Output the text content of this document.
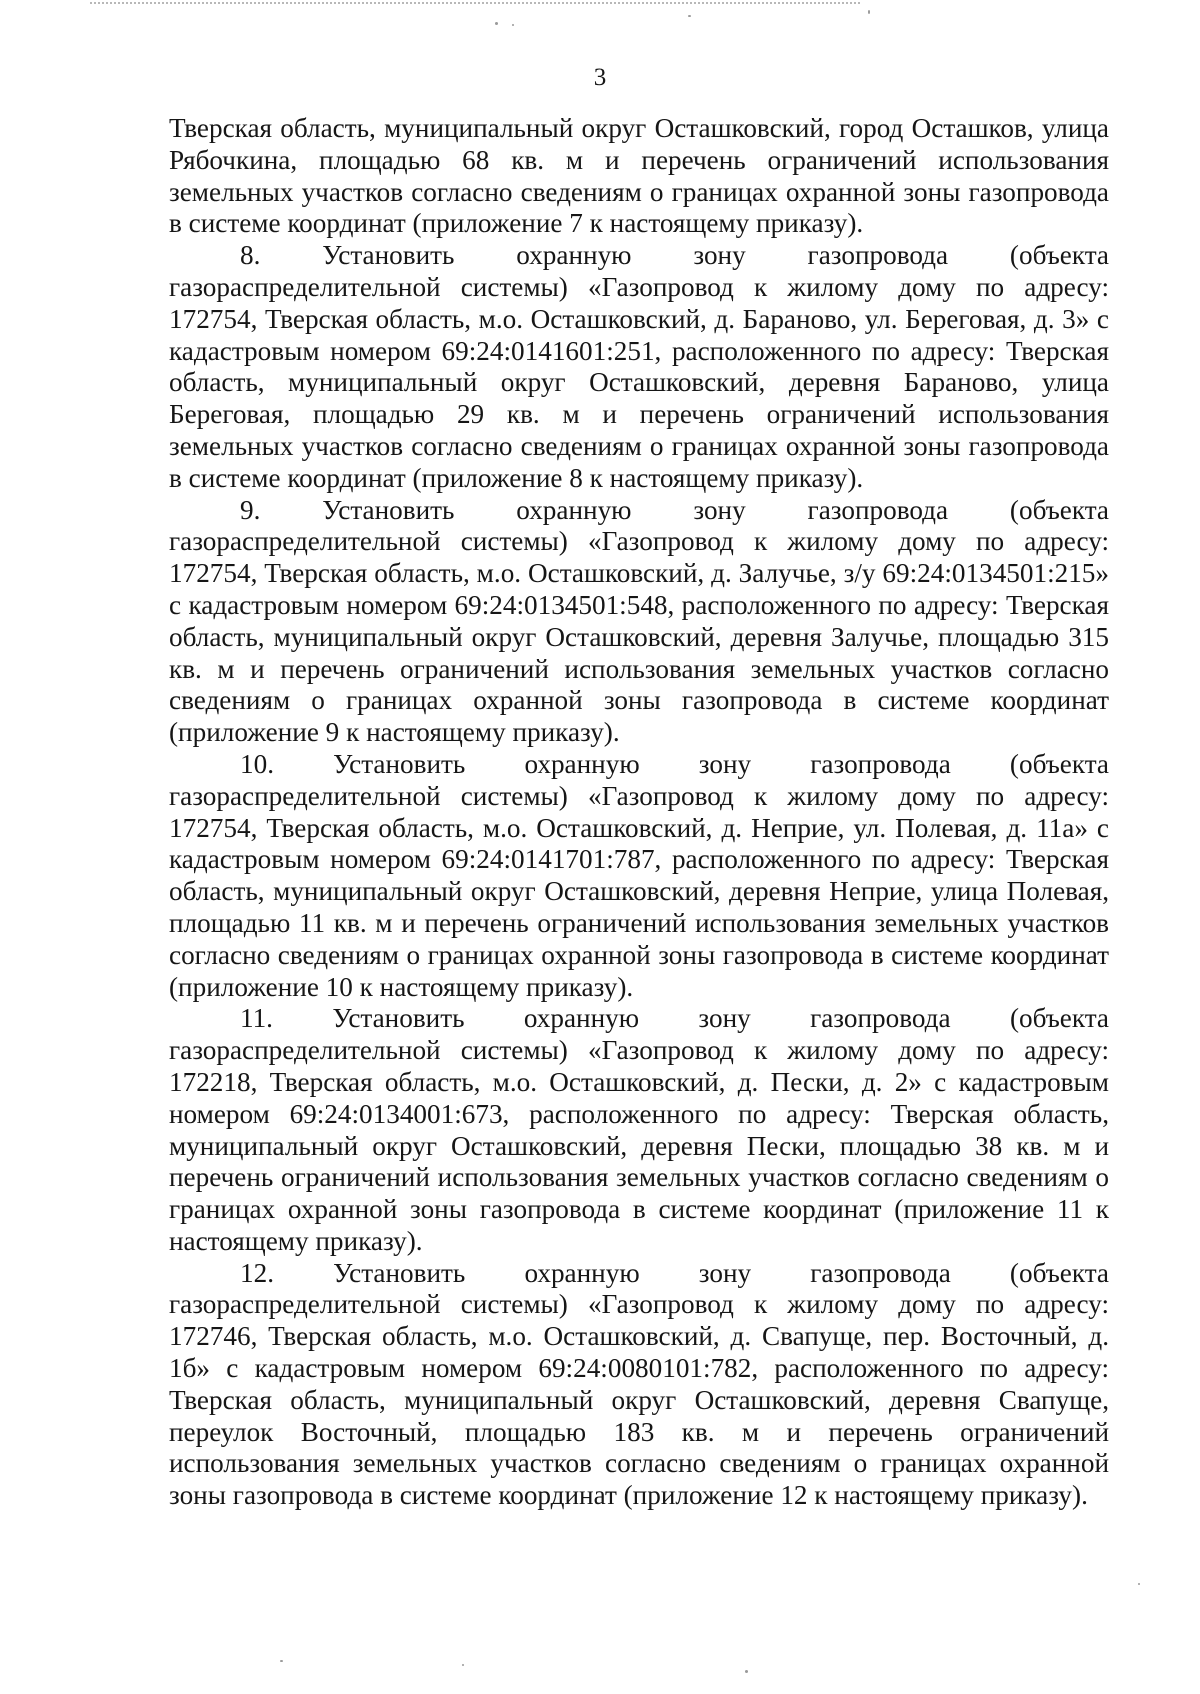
3

Тверская область, муниципальный округ Осташковский, город Осташков, улица Рябочкина, площадью 68 кв. м и перечень ограничений использования земельных участков согласно сведениям о границах охранной зоны газопровода в системе координат (приложение 7 к настоящему приказу).

8. Установить охранную зону газопровода (объекта газораспределительной системы) «Газопровод к жилому дому по адресу: 172754, Тверская область, м.о. Осташковский, д. Бараново, ул. Береговая, д. 3» с кадастровым номером 69:24:0141601:251, расположенного по адресу: Тверская область, муниципальный округ Осташковский, деревня Бараново, улица Береговая, площадью 29 кв. м и перечень ограничений использования земельных участков согласно сведениям о границах охранной зоны газопровода в системе координат (приложение 8 к настоящему приказу).

9. Установить охранную зону газопровода (объекта газораспределительной системы) «Газопровод к жилому дому по адресу: 172754, Тверская область, м.о. Осташковский, д. Залучье, з/у 69:24:0134501:215» с кадастровым номером 69:24:0134501:548, расположенного по адресу: Тверская область, муниципальный округ Осташковский, деревня Залучье, площадью 315 кв. м и перечень ограничений использования земельных участков согласно сведениям о границах охранной зоны газопровода в системе координат (приложение 9 к настоящему приказу).

10. Установить охранную зону газопровода (объекта газораспределительной системы) «Газопровод к жилому дому по адресу: 172754, Тверская область, м.о. Осташковский, д. Неприе, ул. Полевая, д. 11а» с кадастровым номером 69:24:0141701:787, расположенного по адресу: Тверская область, муниципальный округ Осташковский, деревня Неприе, улица Полевая, площадью 11 кв. м и перечень ограничений использования земельных участков согласно сведениям о границах охранной зоны газопровода в системе координат (приложение 10 к настоящему приказу).

11. Установить охранную зону газопровода (объекта газораспределительной системы) «Газопровод к жилому дому по адресу: 172218, Тверская область, м.о. Осташковский, д. Пески, д. 2» с кадастровым номером 69:24:0134001:673, расположенного по адресу: Тверская область, муниципальный округ Осташковский, деревня Пески, площадью 38 кв. м и перечень ограничений использования земельных участков согласно сведениям о границах охранной зоны газопровода в системе координат (приложение 11 к настоящему приказу).

12. Установить охранную зону газопровода (объекта газораспределительной системы) «Газопровод к жилому дому по адресу: 172746, Тверская область, м.о. Осташковский, д. Свапуще, пер. Восточный, д. 1б» с кадастровым номером 69:24:0080101:782, расположенного по адресу: Тверская область, муниципальный округ Осташковский, деревня Свапуще, переулок Восточный, площадью 183 кв. м и перечень ограничений использования земельных участков согласно сведениям о границах охранной зоны газопровода в системе координат (приложение 12 к настоящему приказу).
